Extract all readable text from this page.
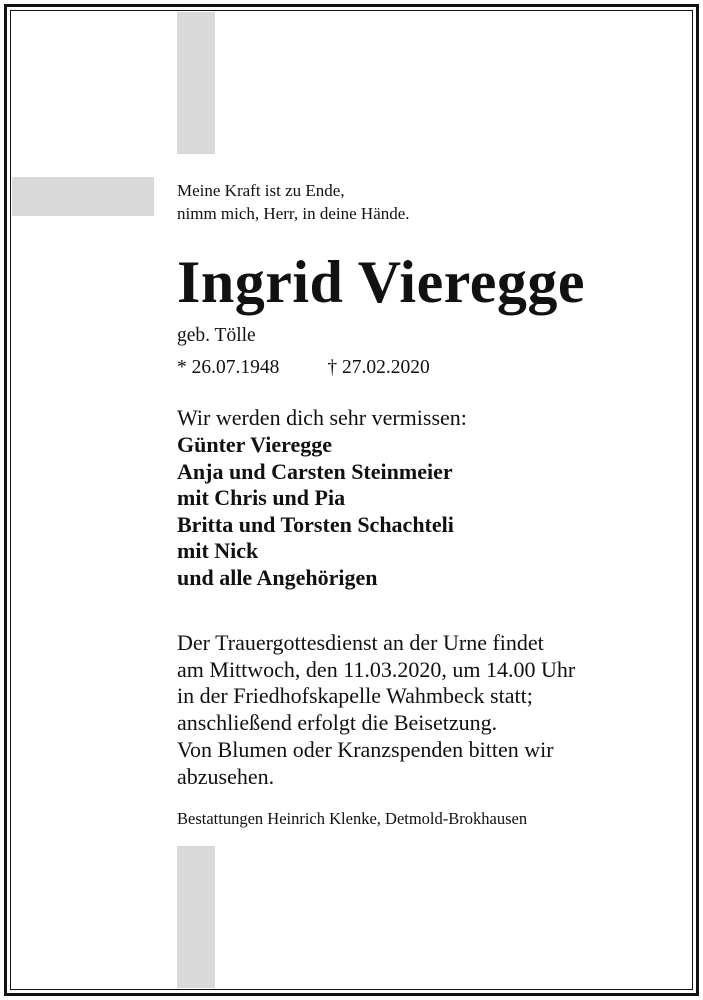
Meine Kraft ist zu Ende,
nimm mich, Herr, in deine Hände.
Ingrid Vieregge
geb. Tölle
* 26.07.1948 † 27.02.2020
Wir werden dich sehr vermissen:
Günter Vieregge
Anja und Carsten Steinmeier
mit Chris und Pia
Britta und Torsten Schachteli
mit Nick
und alle Angehörigen
Der Trauergottesdienst an der Urne findet
am Mittwoch, den 11.03.2020, um 14.00 Uhr
in der Friedhofskapelle Wahmbeck statt;
anschließend erfolgt die Beisetzung.
Von Blumen oder Kranzspenden bitten wir
abzusehen.
Bestattungen Heinrich Klenke, Detmold-Brokhausen
